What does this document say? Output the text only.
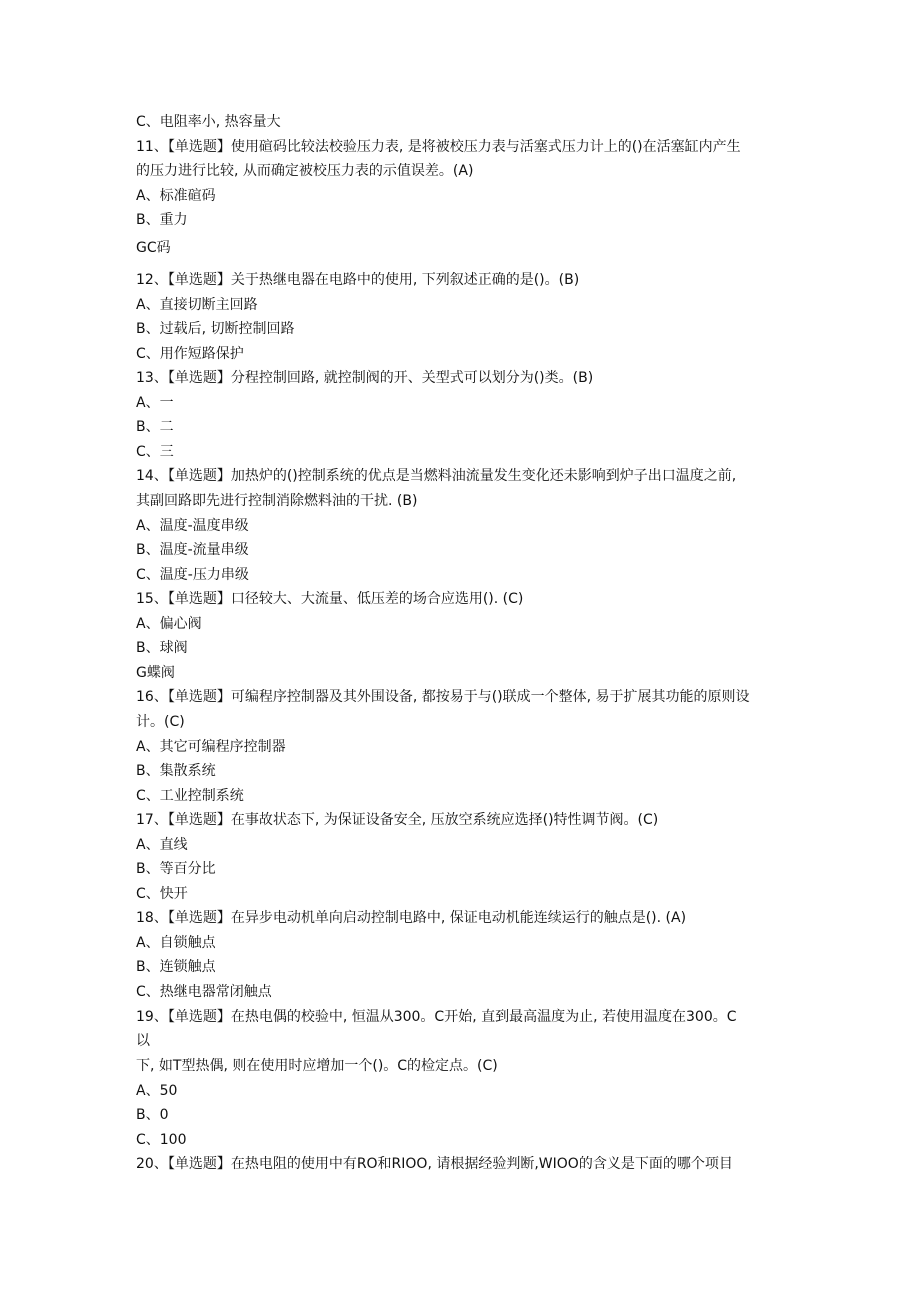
C、电阻率小, 热容量大
11、【单选题】使用碹码比较法校验压力表, 是将被校压力表与活塞式压力计上的()在活塞缸内产生
的压力进行比较, 从而确定被校压力表的示值误差。(A)
A、标准碹码
B、重力
GC码
12、【单选题】关于热继电器在电路中的使用, 下列叙述正确的是()。(B)
A、直接切断主回路
B、过载后, 切断控制回路
C、用作短路保护
13、【单选题】分程控制回路, 就控制阀的开、关型式可以划分为()类。(B)
A、一
B、二
C、三
14、【单选题】加热炉的()控制系统的优点是当燃料油流量发生变化还未影响到炉子出口温度之前,
其副回路即先进行控制消除燃料油的干扰. (B)
A、温度-温度串级
B、温度-流量串级
C、温度-压力串级
15、【单选题】口径较大、大流量、低压差的场合应选用(). (C)
A、偏心阀
B、球阀
G蝶阀
16、【单选题】可编程序控制器及其外围设备, 都按易于与()联成一个整体, 易于扩展其功能的原则设
计。(C)
A、其它可编程序控制器
B、集散系统
C、工业控制系统
17、【单选题】在事故状态下, 为保证设备安全, 压放空系统应选择()特性调节阀。(C)
A、直线
B、等百分比
C、快开
18、【单选题】在异步电动机单向启动控制电路中, 保证电动机能连续运行的触点是(). (A)
A、自锁触点
B、连锁触点
C、热继电器常闭触点
19、【单选题】在热电偶的校验中, 恒温从300。C开始, 直到最高温度为止, 若使用温度在300。C
以
下, 如T型热偶, 则在使用时应增加一个()。C的检定点。(C)
A、50
B、0
C、100
20、【单选题】在热电阻的使用中有RO和RIOO, 请根据经验判断,WIOO的含义是下面的哪个项目
